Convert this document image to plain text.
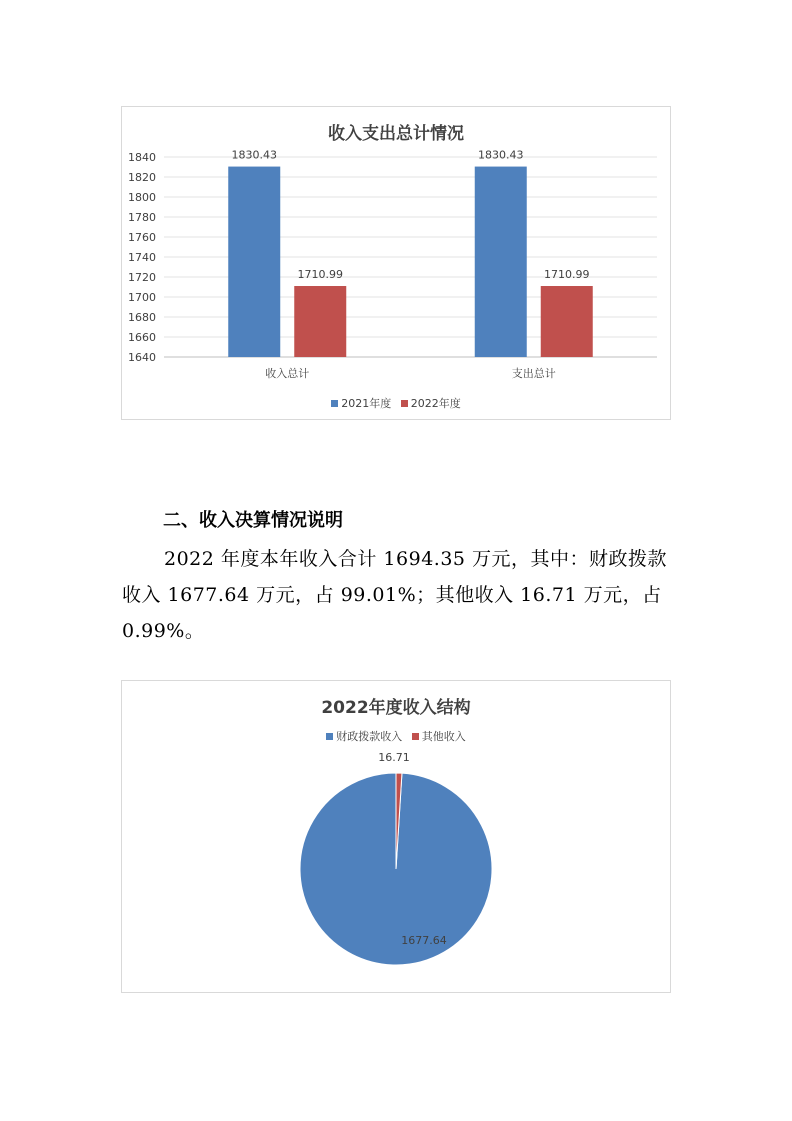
收入支出总计情况
1640
1660
1680
1700
1720
1740
1760
1780
1800
1820
1840
收入总计
1830.43
1710.99
支出总计
1830.43
1710.99
2021年度 2022年度
二、收入决算情况说明
2022 年度本年收入合计 1694.35 万元，其中：财政拨款
收入 1677.64 万元，占 99.01%；其他收入 16.71 万元，占
0.99%。
2022年度收入结构
财政拨款收入 其他收入
1677.64
16.71
